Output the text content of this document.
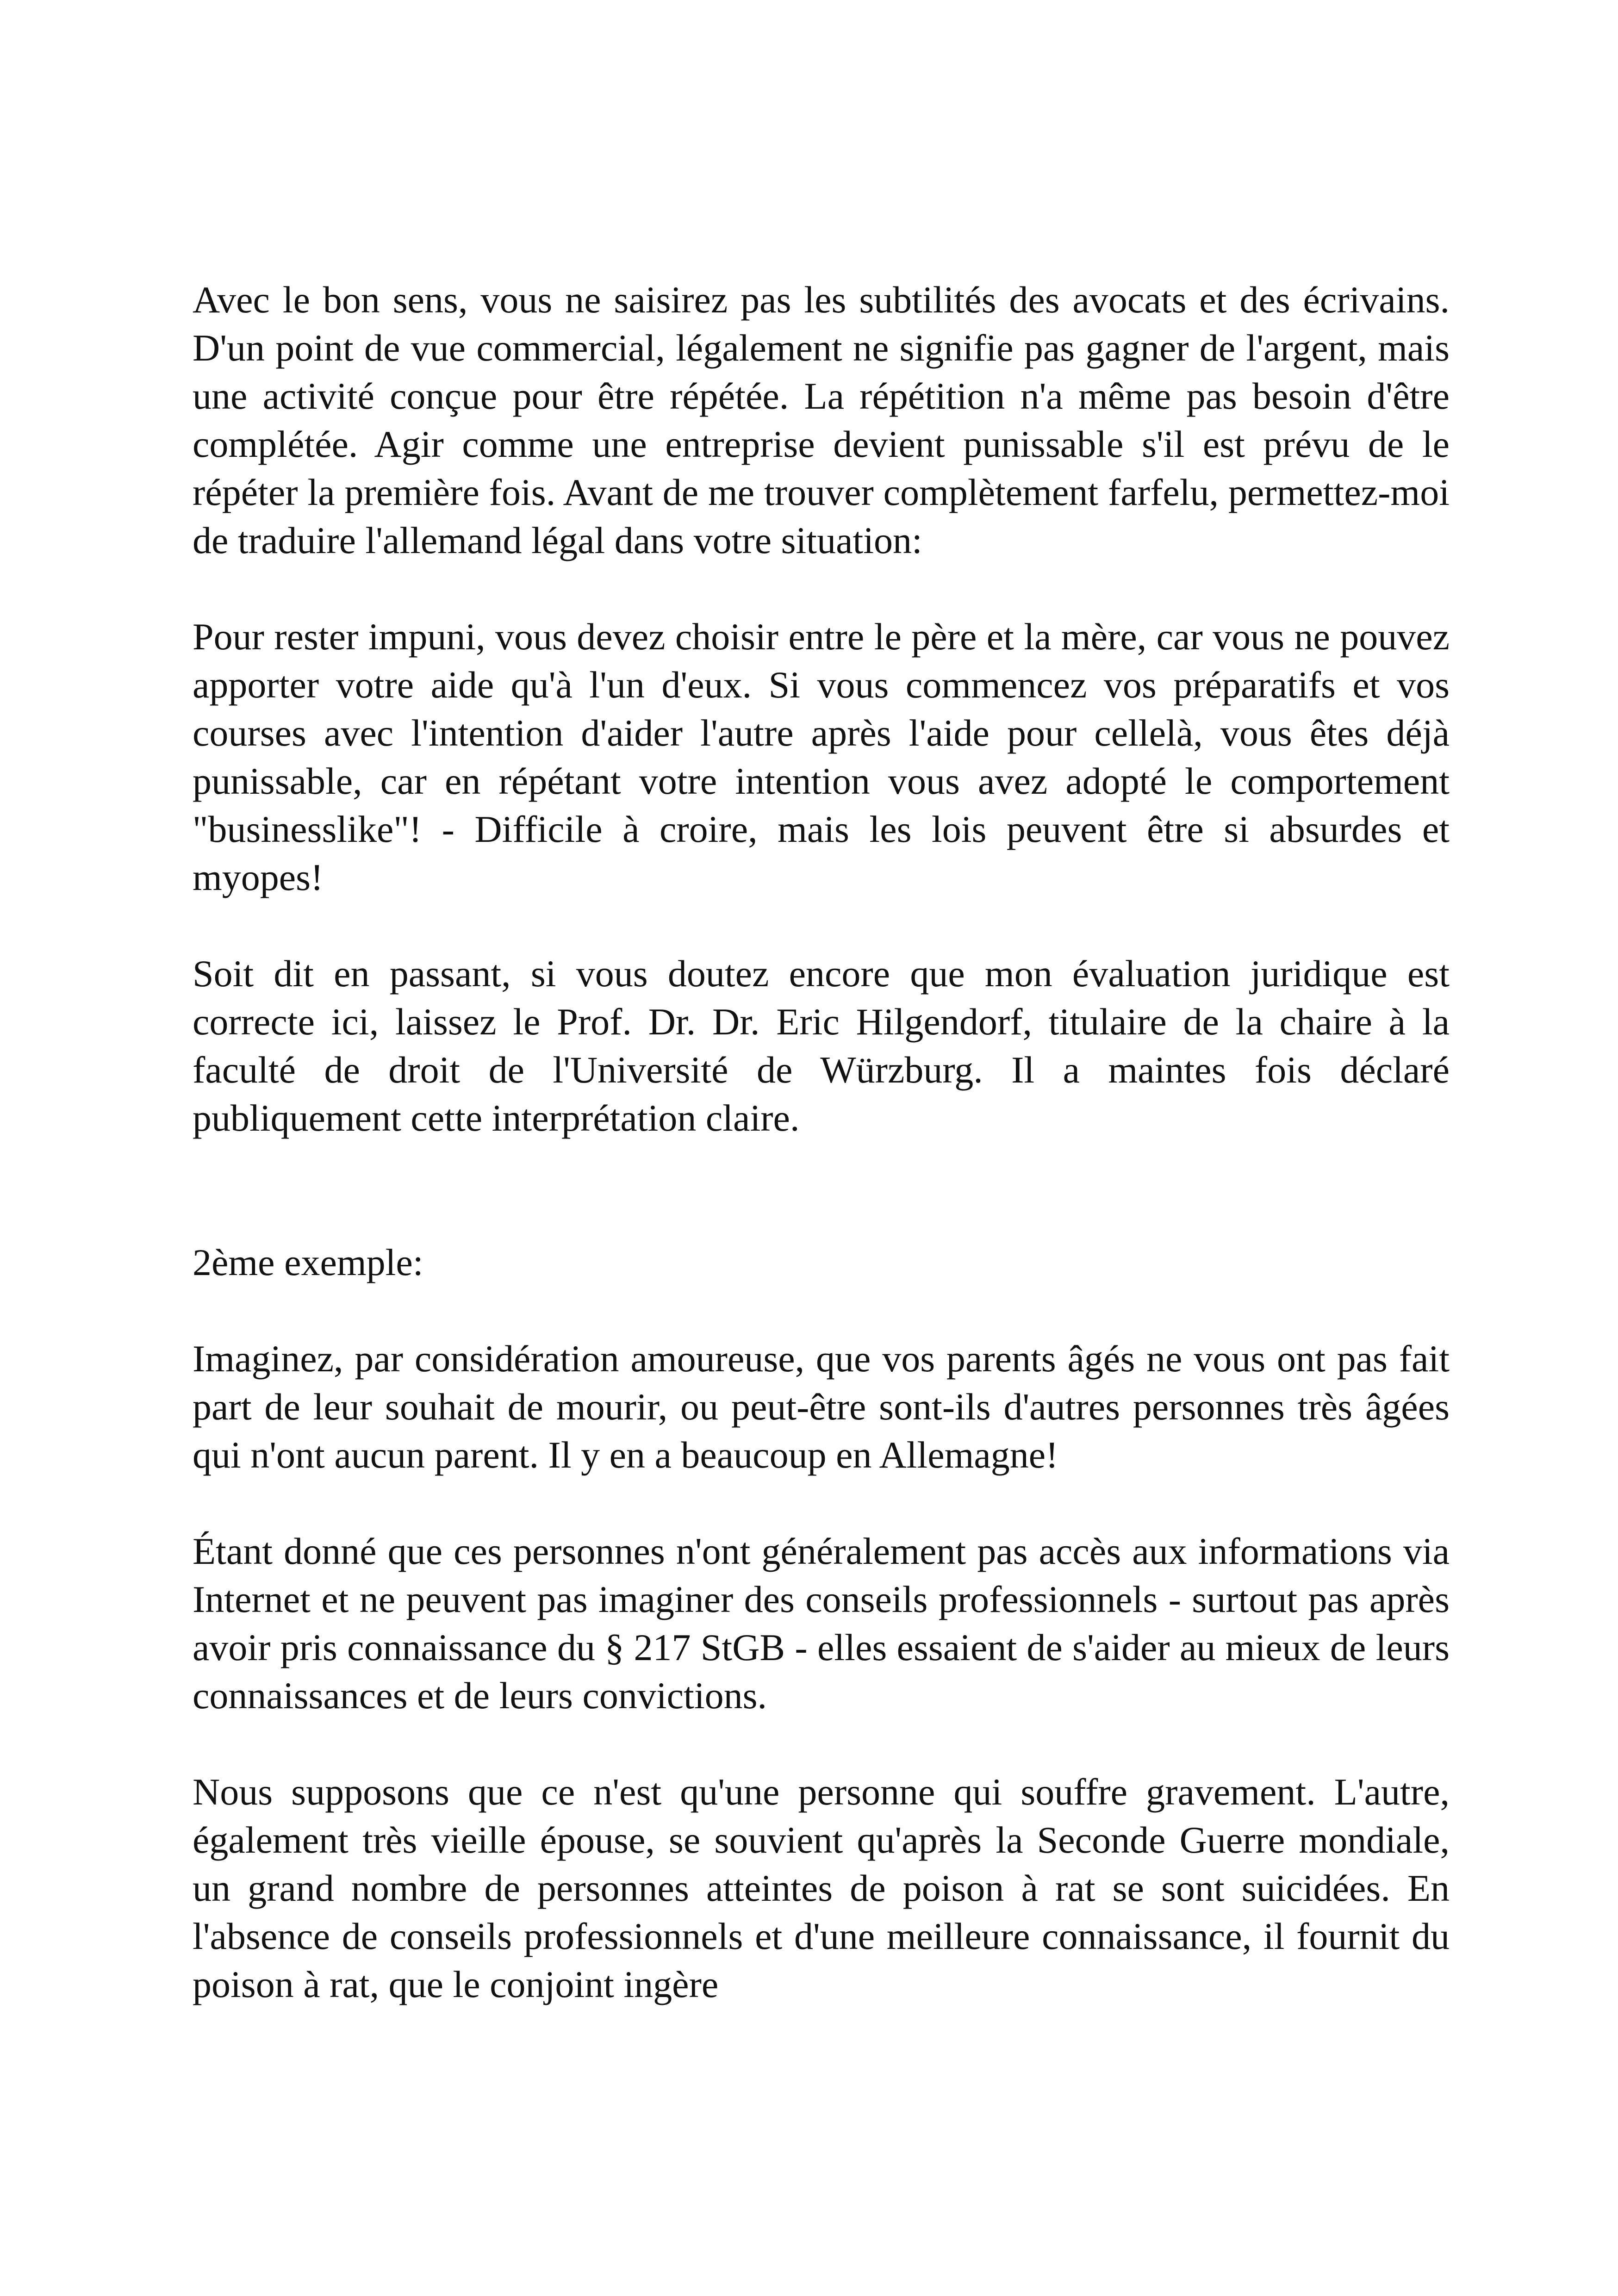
Avec le bon sens, vous ne saisirez pas les subtilités des avocats et des écrivains. D'un point de vue commercial, légalement ne signifie pas gagner de l'argent, mais une activité conçue pour être répétée. La répétition n'a même pas besoin d'être complétée. Agir comme une entreprise devient punissable s'il est prévu de le répéter la première fois. Avant de me trouver complètement farfelu, permettez-moi de traduire l'allemand légal dans votre situation:

Pour rester impuni, vous devez choisir entre le père et la mère, car vous ne pouvez apporter votre aide qu'à l'un d'eux. Si vous commencez vos préparatifs et vos courses avec l'intention d'aider l'autre après l'aide pour cellelà, vous êtes déjà punissable, car en répétant votre intention vous avez adopté le comportement "businesslike"! - Difficile à croire, mais les lois peuvent être si absurdes et myopes!

Soit dit en passant, si vous doutez encore que mon évaluation juridique est correcte ici, laissez le Prof. Dr. Dr. Eric Hilgendorf, titulaire de la chaire à la faculté de droit de l'Université de Würzburg. Il a maintes fois déclaré publiquement cette interprétation claire.

2ème exemple:

Imaginez, par considération amoureuse, que vos parents âgés ne vous ont pas fait part de leur souhait de mourir, ou peut-être sont-ils d'autres personnes très âgées qui n'ont aucun parent. Il y en a beaucoup en Allemagne!

Étant donné que ces personnes n'ont généralement pas accès aux informations via Internet et ne peuvent pas imaginer des conseils professionnels - surtout pas après avoir pris connaissance du § 217 StGB - elles essaient de s'aider au mieux de leurs connaissances et de leurs convictions.

Nous supposons que ce n'est qu'une personne qui souffre gravement. L'autre, également très vieille épouse, se souvient qu'après la Seconde Guerre mondiale, un grand nombre de personnes atteintes de poison à rat se sont suicidées. En l'absence de conseils professionnels et d'une meilleure connaissance, il fournit du poison à rat, que le conjoint ingère
